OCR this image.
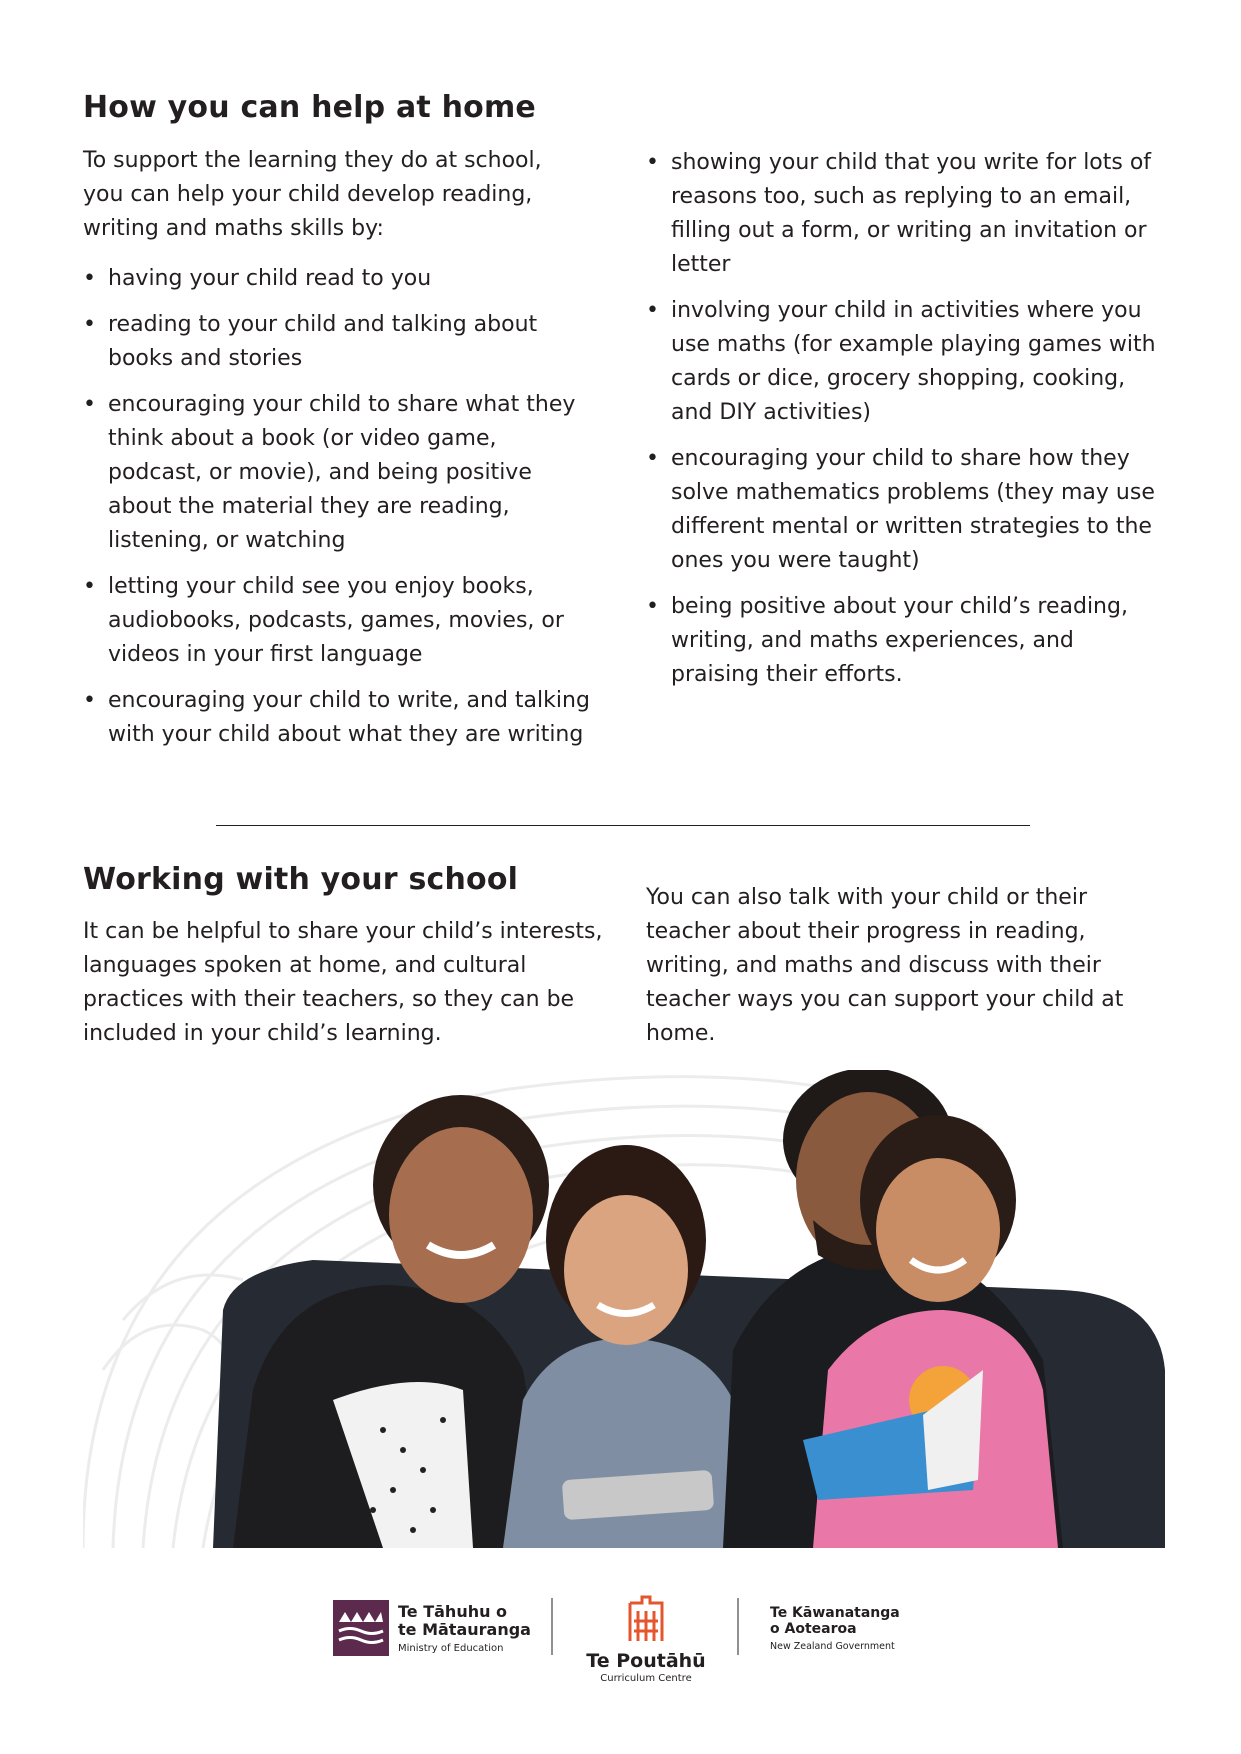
How you can help at home

To support the learning they do at school, you can help your child develop reading, writing and maths skills by:

• having your child read to you
• reading to your child and talking about books and stories
• encouraging your child to share what they think about a book (or video game, podcast, or movie), and being positive about the material they are reading, listening, or watching
• letting your child see you enjoy books, audiobooks, podcasts, games, movies, or videos in your first language
• encouraging your child to write, and talking with your child about what they are writing
• showing your child that you write for lots of reasons too, such as replying to an email, filling out a form, or writing an invitation or letter
• involving your child in activities where you use maths (for example playing games with cards or dice, grocery shopping, cooking, and DIY activities)
• encouraging your child to share how they solve mathematics problems (they may use different mental or written strategies to the ones you were taught)
• being positive about your child’s reading, writing, and maths experiences, and praising their efforts.
Working with your school

It can be helpful to share your child’s interests, languages spoken at home, and cultural practices with their teachers, so they can be included in your child’s learning.

You can also talk with your child or their teacher about their progress in reading, writing, and maths and discuss with their teacher ways you can support your child at home.

Te Tāhuhu o
te Mātauranga
Ministry of Education
Te Poutāhū
Curriculum Centre
Te Kāwanatanga
o Aotearoa
New Zealand Government
